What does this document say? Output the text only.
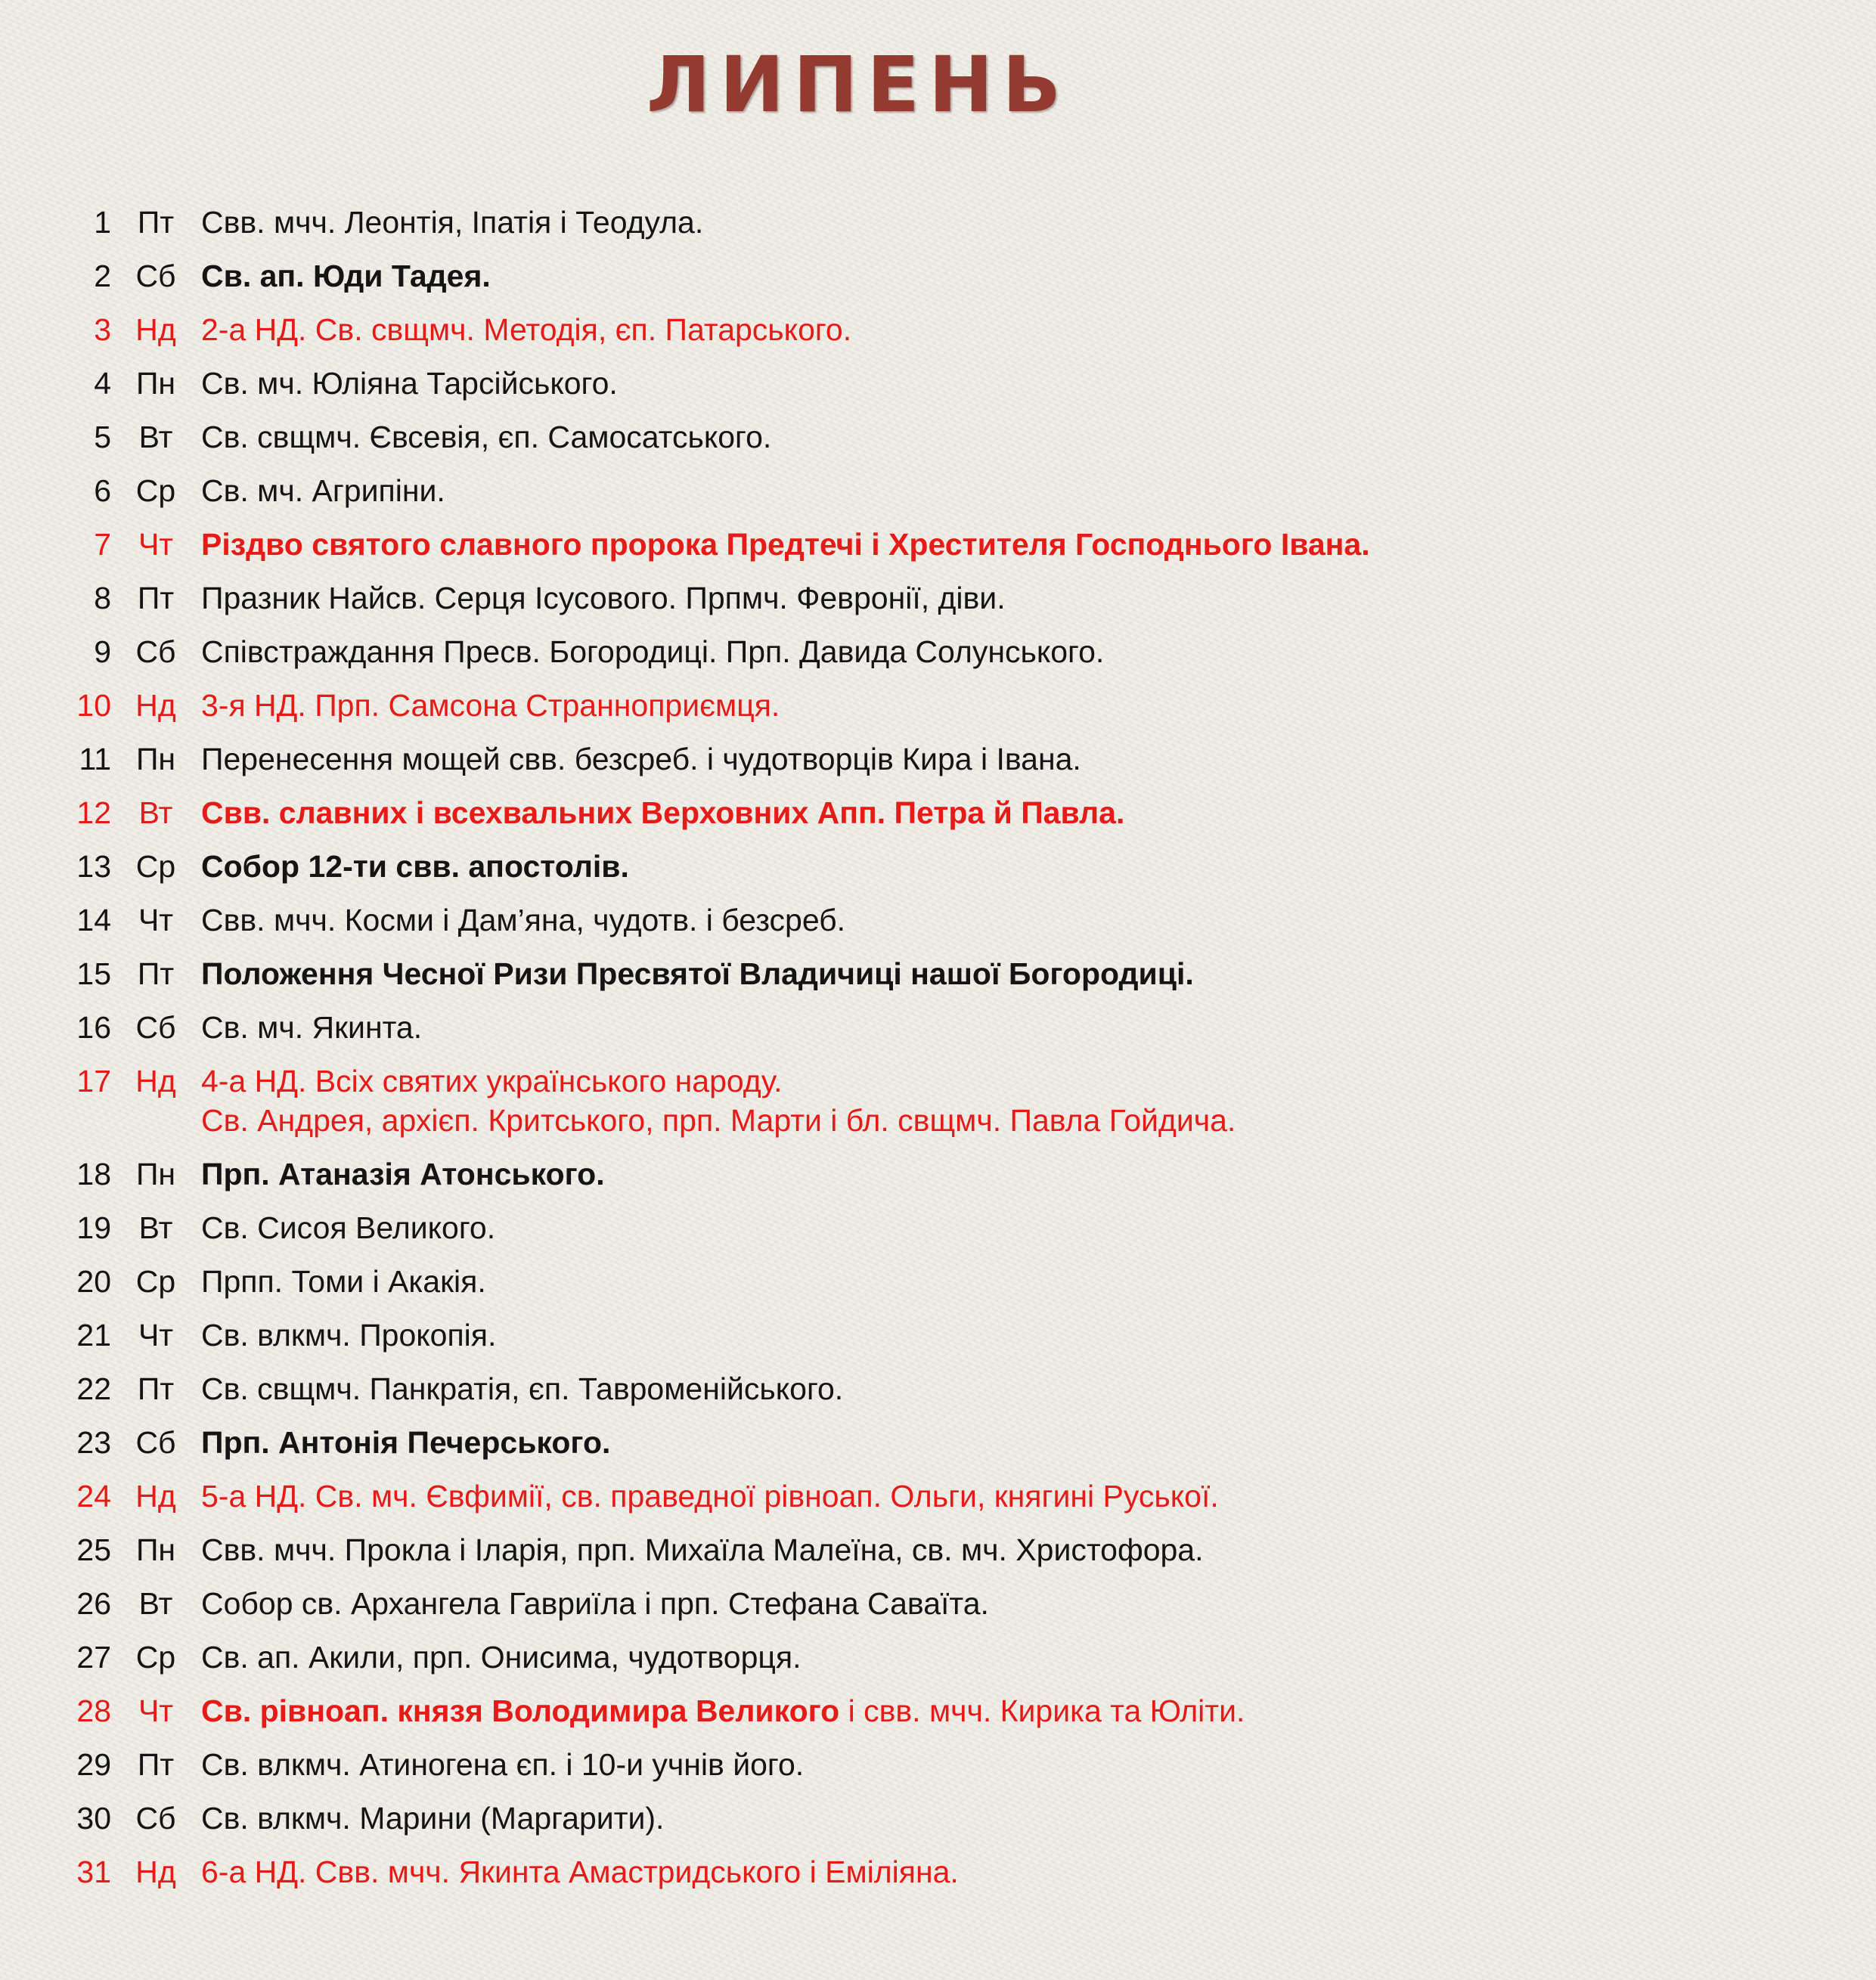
ЛИПЕНЬ
1 Пт Свв. мчч. Леонтія, Іпатія і Теодула.
2 Сб Св. ап. Юди Тадея.
3 Нд 2-а НД. Св. свщмч. Методія, єп. Патарського.
4 Пн Св. мч. Юліяна Тарсійського.
5 Вт Св. свщмч. Євсевія, єп. Самосатського.
6 Ср Св. мч. Агрипіни.
7 Чт Різдво святого славного пророка Предтечі і Хрестителя Господнього Івана.
8 Пт Празник Найсв. Серця Ісусового. Прпмч. Февронії, діви.
9 Сб Співстраждання Пресв. Богородиці. Прп. Давида Солунського.
10 Нд 3-я НД. Прп. Самсона Странноприємця.
11 Пн Перенесення мощей свв. безсреб. і чудотворців Кира і Івана.
12 Вт Свв. славних і всехвальних Верховних Апп. Петра й Павла.
13 Ср Собор 12-ти свв. апостолів.
14 Чт Свв. мчч. Косми і Дам’яна, чудотв. і безсреб.
15 Пт Положення Чесної Ризи Пресвятої Владичиці нашої Богородиці.
16 Сб Св. мч. Якинта.
17 Нд 4-а НД. Всіх святих українського народу.
Св. Андрея, архієп. Критського, прп. Марти і бл. свщмч. Павла Гойдича.
18 Пн Прп. Атаназія Атонського.
19 Вт Св. Сисоя Великого.
20 Ср Прпп. Томи і Акакія.
21 Чт Св. влкмч. Прокопія.
22 Пт Св. свщмч. Панкратія, єп. Тавроменійського.
23 Сб Прп. Антонія Печерського.
24 Нд 5-а НД. Св. мч. Євфимії, св. праведної рівноап. Ольги, княгині Руської.
25 Пн Свв. мчч. Прокла і Іларія, прп. Михаїла Малеїна, св. мч. Христофора.
26 Вт Собор св. Архангела Гавриїла і прп. Стефана Саваїта.
27 Ср Св. ап. Акили, прп. Онисима, чудотворця.
28 Чт Св. рівноап. князя Володимира Великого і свв. мчч. Кирика та Юліти.
29 Пт Св. влкмч. Атиногена єп. і 10-и учнів його.
30 Сб Св. влкмч. Марини (Маргарити).
31 Нд 6-а НД. Свв. мчч. Якинта Амастридського і Еміліяна.
